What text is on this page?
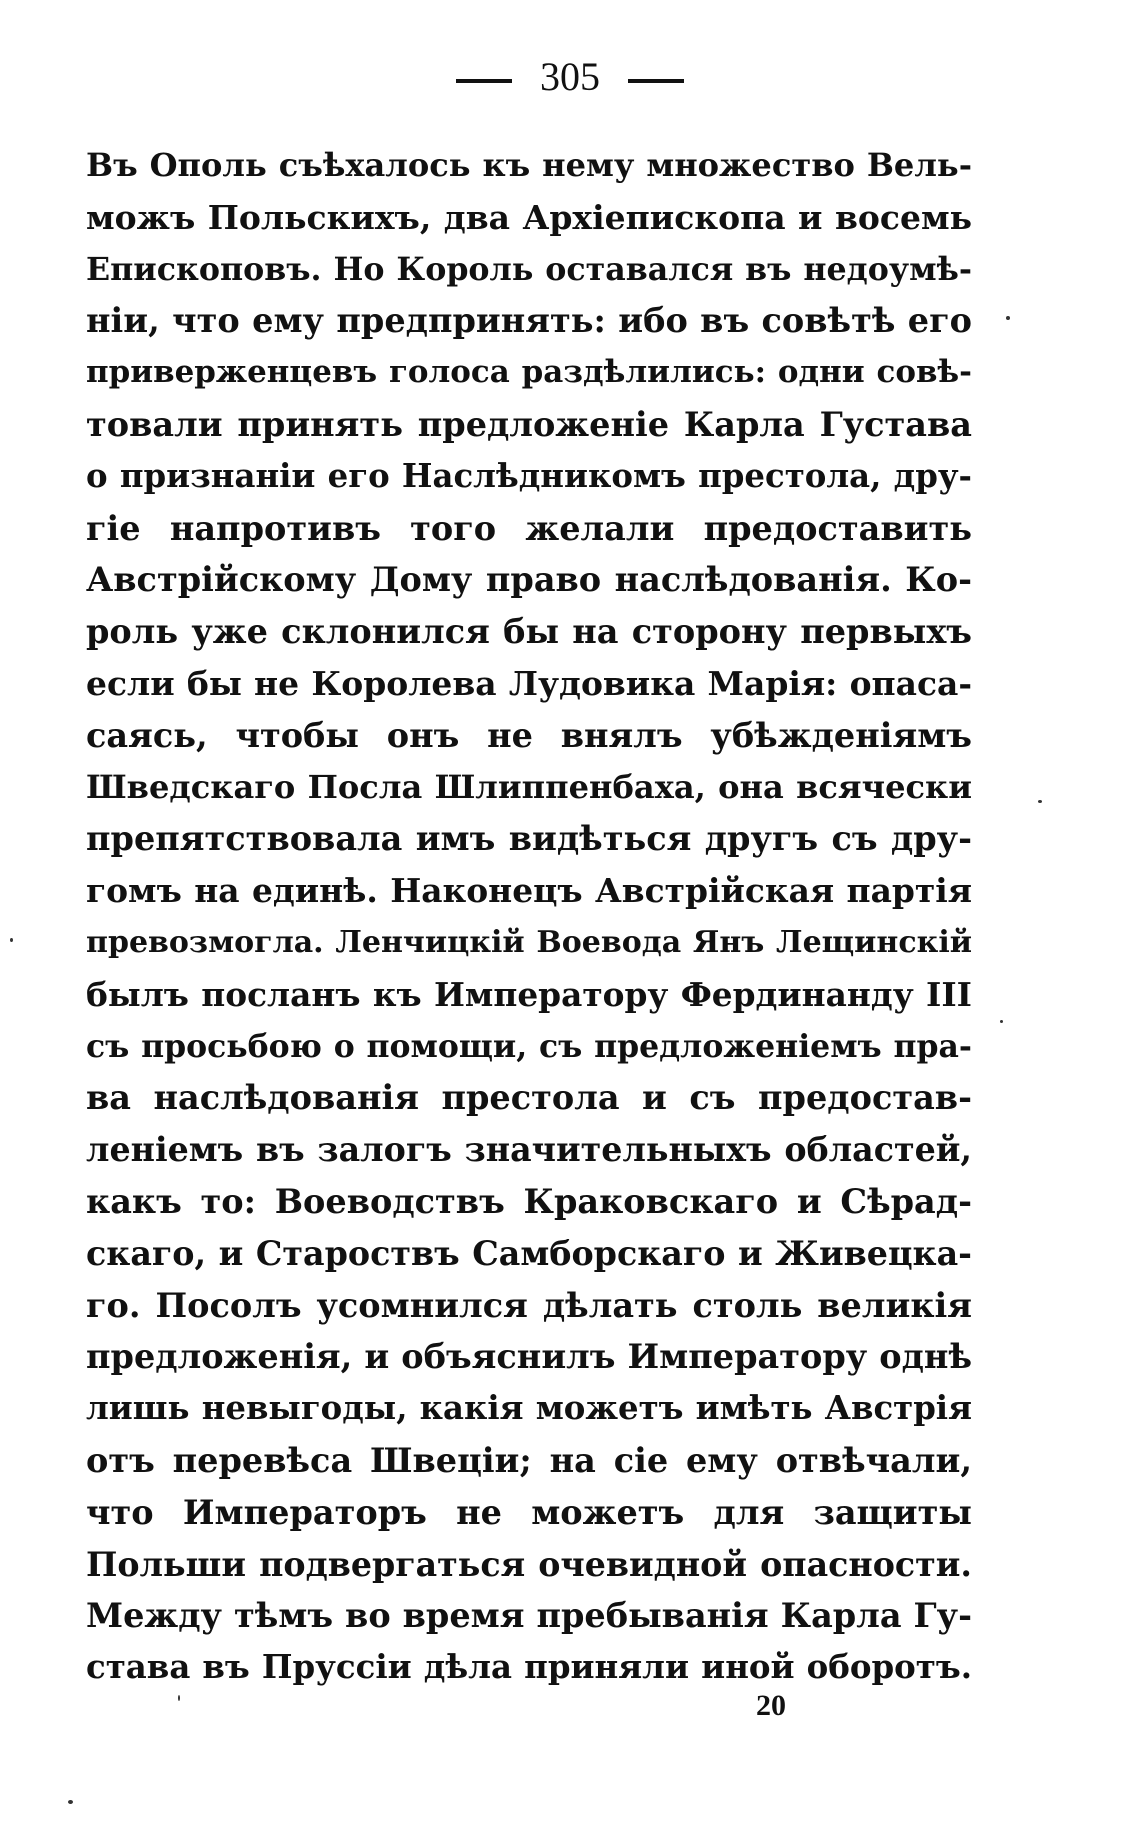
305
Въ Ополь съѣхалось къ нему множество Вель-
можъ Польскихъ, два Архіепископа и восемь
Епископовъ. Но Король оставался въ недоумѣ-
ніи, что ему предпринять: ибо въ совѣтѣ его
приверженцевъ голоса раздѣлились: одни совѣ-
товали принять предложеніе Карла Густава
о признаніи его Наслѣдникомъ престола, дру-
гіе напротивъ того желали предоставить
Австрійскому Дому право наслѣдованія. Ко-
роль уже склонился бы на сторону первыхъ
если бы не Королева Лудовика Марія: опаса-
саясь, чтобы онъ не внялъ убѣжденіямъ
Шведскаго Посла Шлиппенбаха, она всячески
препятствовала имъ видѣться другъ съ дру-
гомъ на единѣ. Наконецъ Австрійская партія
превозмогла. Ленчицкій Воевода Янъ Лещинскій
былъ посланъ къ Императору Фердинанду III
съ просьбою о помощи, съ предложеніемъ пра-
ва наслѣдованія престола и съ предостав-
леніемъ въ залогъ значительныхъ областей,
какъ то: Воеводствъ Краковскаго и Сѣрад-
скаго, и Староствъ Самборскаго и Живецка-
го. Посолъ усомнился дѣлать столь великія
предложенія, и объяснилъ Императору однѣ
лишь невыгоды, какія можетъ имѣть Австрія
отъ перевѣса Швеціи; на сіе ему отвѣчали,
что Императоръ не можетъ для защиты
Польши подвергаться очевидной опасности.
Между тѣмъ во время пребыванія Карла Гу-
става въ Пруссіи дѣла приняли иной оборотъ.
20
